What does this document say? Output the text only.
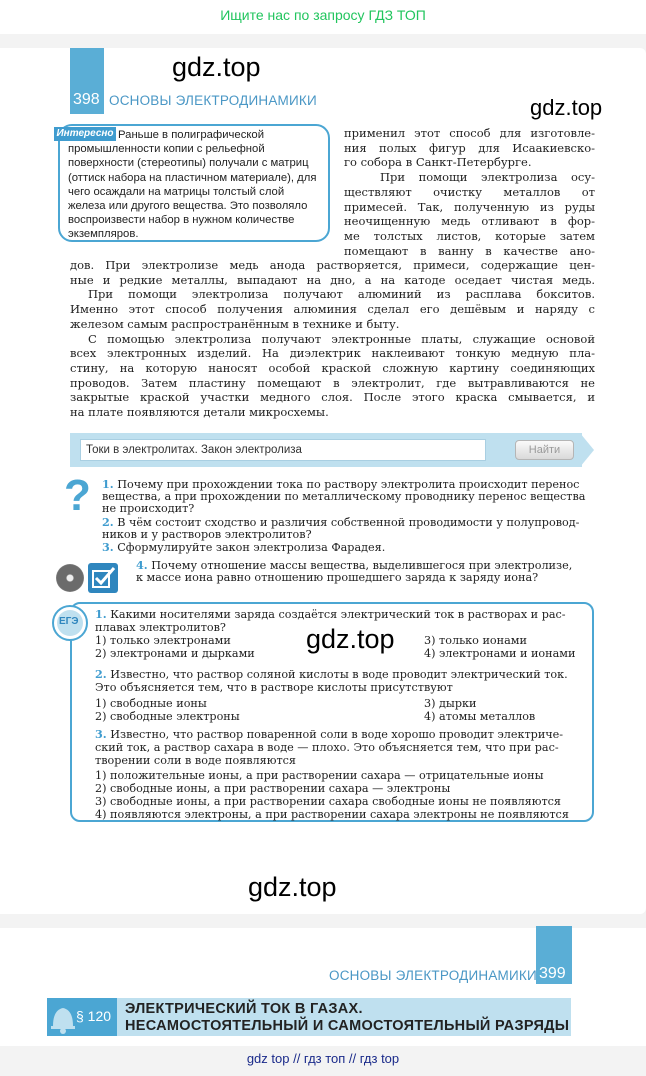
Ищите нас по запросу ГДЗ ТОП
398 ОСНОВЫ ЭЛЕКТРОДИНАМИКИ
gdz.top
gdz.top
Раньше в полиграфической промышленности копии с рельефной поверхности (стереотипы) получали с матриц (оттиск набора на пластичном материале), для чего осаждали на матрицы толстый слой железа или другого вещества. Это позволяло воспроизвести набор в нужном количестве экземпляров.
Интересно	применил этот способ для изготовле-
ния полых фигур для Исаакиевско-
го собора в Санкт-Петербурге.
При помощи электролиза осу-
ществляют очистку металлов от
примесей. Так, полученную из руды
неочищенную медь отливают в фор-
ме толстых листов, которые затем
помещают в ванну в качестве ано-
дов. При электролизе медь анода растворяется, примеси, содержащие цен-
ные и редкие металлы, выпадают на дно, а на катоде оседает чистая медь.
При помощи электролиза получают алюминий из расплава бокситов.
Именно этот способ получения алюминия сделал его дешёвым и наряду с
железом самым распространённым в технике и быту.
С помощью электролиза получают электронные платы, служащие основой
всех электронных изделий. На диэлектрик наклеивают тонкую медную пла-
стину, на которую наносят особой краской сложную картину соединяющих
проводов. Затем пластину помещают в электролит, где вытравливаются не
закрытые краской участки медного слоя. После этого краска смывается, и
на плате появляются детали микросхемы.
Токи в электролитах. Закон электролиза	Найти
? 1. Почему при прохождении тока по раствору электролита происходит перенос
вещества, а при прохождении по металлическому проводнику перенос вещества
не происходит?
2. В чём состоит сходство и различия собственной проводимости у полупровод-
ников и у растворов электролитов?
3. Сформулируйте закон электролиза Фарадея.
4. Почему отношение массы вещества, выделившегося при электролизе,
к массе иона равно отношению прошедшего заряда к заряду иона?
ЕГЭ
1. Какими носителями заряда создаётся электрический ток в растворах и рас-
плавах электролитов?
1) только электронами	3) только ионами
2) электронами и дырками	4) электронами и ионами
2. Известно, что раствор соляной кислоты в воде проводит электрический ток.
Это объясняется тем, что в растворе кислоты присутствуют
1) свободные ионы	3) дырки
2) свободные электроны	4) атомы металлов
3. Известно, что раствор поваренной соли в воде хорошо проводит электриче-
ский ток, а раствор сахара в воде — плохо. Это объясняется тем, что при рас-
творении соли в воде появляются
1) положительные ионы, а при растворении сахара — отрицательные ионы
2) свободные ионы, а при растворении сахара — электроны
3) свободные ионы, а при растворении сахара свободные ионы не появляются
4) появляются электроны, а при растворении сахара электроны не появляются
gdz.top
gdz.top
399
ОСНОВЫ ЭЛЕКТРОДИНАМИКИ
§ 120 ЭЛЕКТРИЧЕСКИЙ ТОК В ГАЗАХ.
НЕСАМОСТОЯТЕЛЬНЫЙ И САМОСТОЯТЕЛЬНЫЙ РАЗРЯДЫ
gdz top // гдз топ // гдз top
